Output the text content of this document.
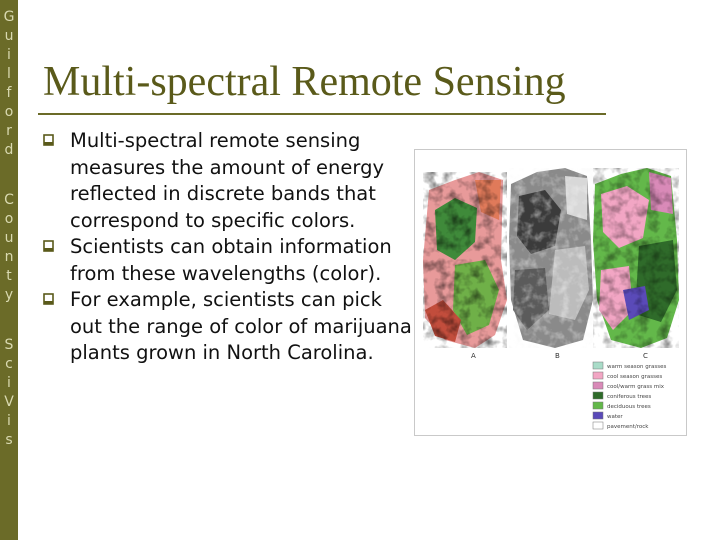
G
u
i
l
f
o
r
d
C
o
u
n
t
y
S
c
i
V
i
s
Multi-spectral Remote Sensing
Multi-spectral remote sensing measures the amount of energy reflected in discrete bands that correspond to specific colors.
Scientists can obtain information from these wavelengths (color).
For example, scientists can pick out the range of color of marijuana plants grown in North Carolina.	A	B	C
warm season grasses
cool season grasses
cool/warm grass mix
coniferous trees
deciduous trees
water
pavement/rock
